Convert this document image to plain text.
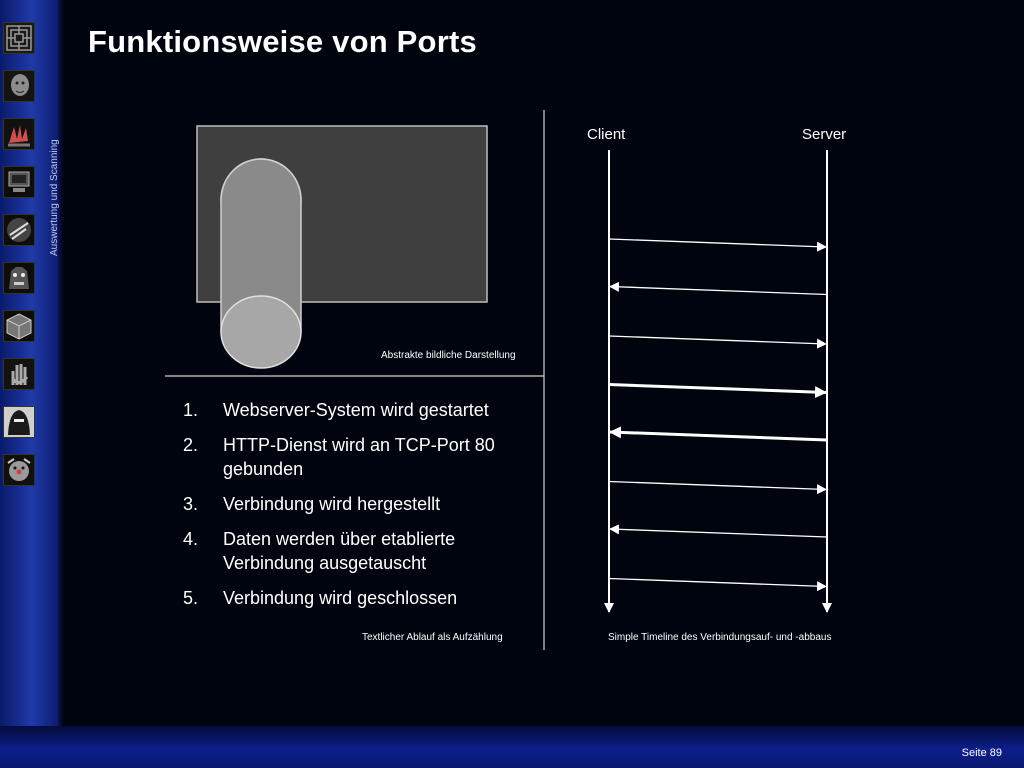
Auswertung und Scanning
Funktionsweise von Ports
Abstrakte bildliche Darstellung
1.	Webserver-System wird gestartet
2.	HTTP-Dienst wird an TCP-Port 80 gebunden
3.	Verbindung wird hergestellt
4.	Daten werden über etablierte Verbindung ausgetauscht
5.	Verbindung wird geschlossen
Textlicher Ablauf als Aufzählung
Client	Server
Simple Timeline des Verbindungsauf- und -abbaus
Seite 89
